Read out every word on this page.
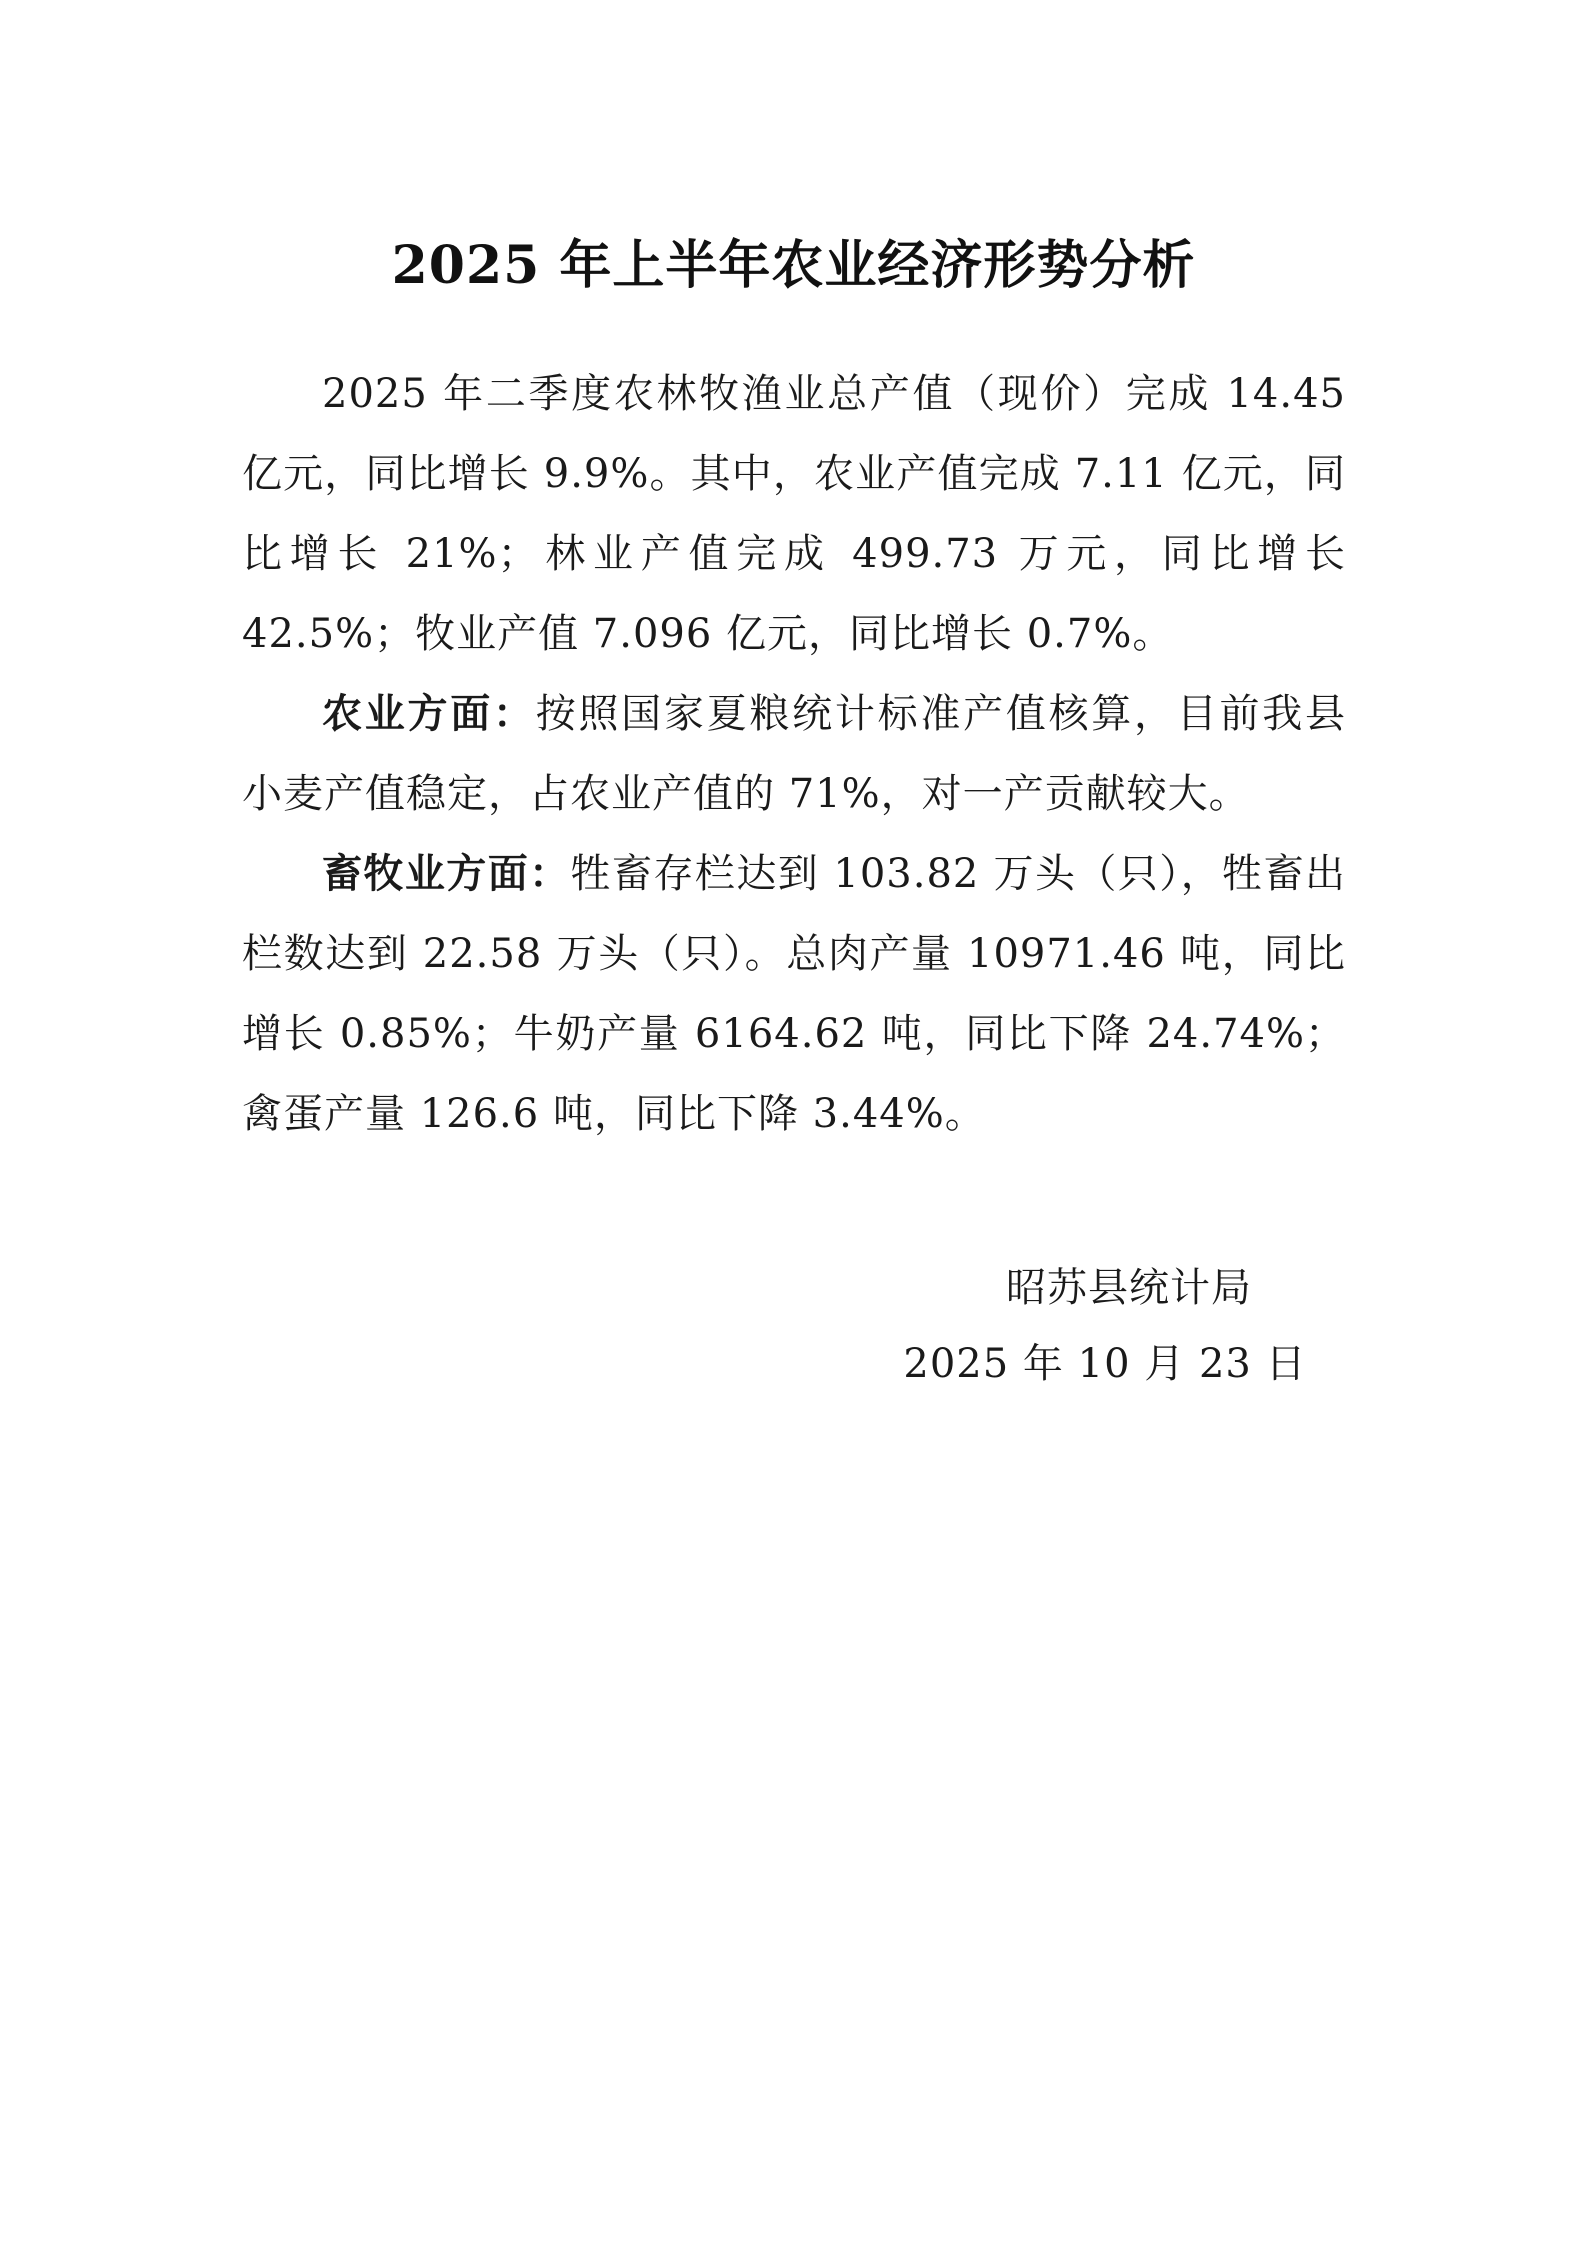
2025 年上半年农业经济形势分析

2025 年二季度农林牧渔业总产值（现价）完成 14.45 亿元，同比增长 9.9%。其中，农业产值完成 7.11 亿元，同比增长 21%；林业产值完成 499.73 万元，同比增长 42.5%；牧业产值 7.096 亿元，同比增长 0.7%。

农业方面：按照国家夏粮统计标准产值核算，目前我县小麦产值稳定，占农业产值的 71%，对一产贡献较大。

畜牧业方面：牲畜存栏达到 103.82 万头（只），牲畜出栏数达到 22.58 万头（只）。总肉产量 10971.46 吨，同比增长 0.85%；牛奶产量 6164.62 吨，同比下降 24.74%；禽蛋产量 126.6 吨，同比下降 3.44%。

昭苏县统计局
2025 年 10 月 23 日
